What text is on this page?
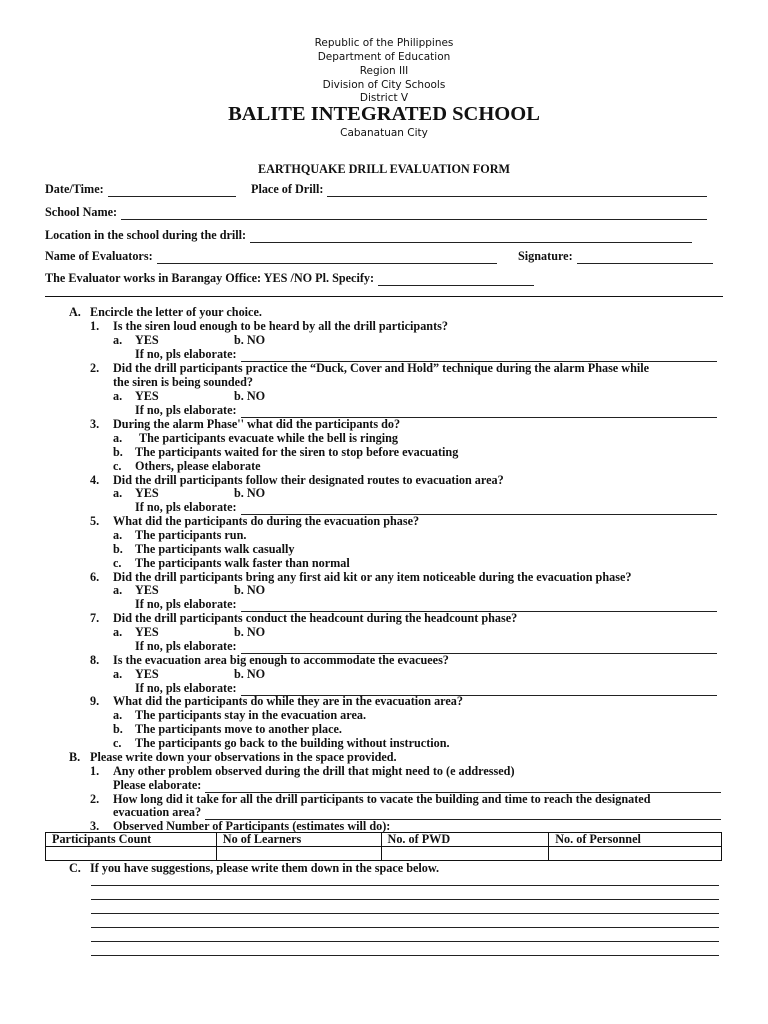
Republic of the Philippines
Department of Education
Region III
Division of City Schools
District V
BALITE INTEGRATED SCHOOL
Cabanatuan City
EARTHQUAKE DRILL EVALUATION FORM
Date/Time:	Place of Drill:
School Name:
Location in the school during the drill:
Name of Evaluators:	Signature:
The Evaluator works in Barangay Office: YES /NO Pl. Specify:
A. Encircle the letter of your choice.
1. Is the siren loud enough to be heard by all the drill participants?
a. YES	b. NO
If no, pls elaborate:
2. Did the drill participants practice the “Duck, Cover and Hold” technique during the alarm Phase while
the siren is being sounded?
a. YES	b. NO
If no, pls elaborate:
3. During the alarm Phase'' what did the participants do?
a. The participants evacuate while the bell is ringing
b. The participants waited for the siren to stop before evacuating
c. Others, please elaborate
4. Did the drill participants follow their designated routes to evacuation area?
a. YES	b. NO
If no, pls elaborate:
5. What did the participants do during the evacuation phase?
a. The participants run.
b. The participants walk casually
c. The participants walk faster than normal
6. Did the drill participants bring any first aid kit or any item noticeable during the evacuation phase?
a. YES	b. NO
If no, pls elaborate:
7. Did the drill participants conduct the headcount during the headcount phase?
a. YES	b. NO
If no, pls elaborate:
8. Is the evacuation area big enough to accommodate the evacuees?
a. YES	b. NO
If no, pls elaborate:
9. What did the participants do while they are in the evacuation area?
a. The participants stay in the evacuation area.
b. The participants move to another place.
c. The participants go back to the building without instruction.
B. Please write down your observations in the space provided.
1. Any other problem observed during the drill that might need to (e addressed)
Please elaborate:
2. How long did it take for all the drill participants to vacate the building and time to reach the designated
evacuation area?
3. Observed Number of Participants (estimates will do):
Participants Count	No of Learners	No. of PWD	No. of Personnel

C. If you have suggestions, please write them down in the space below.
